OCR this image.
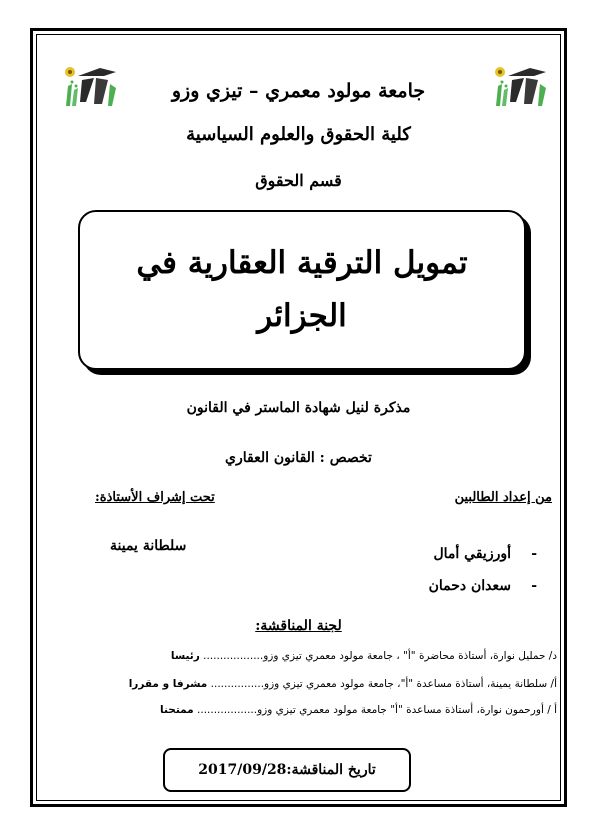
جامعة مولود معمري – تيزي وزو
كلية الحقوق والعلوم السياسية
قسم الحقوق
تمويل الترقية العقارية في
الجزائر
مذكرة لنيل شهادة الماستر في القانون
تخصص : القانون العقاري
من إعداد الطالبين
تحت إشراف الأستاذة:
-أورزيقي أمال
-سعدان دحمان
سلطانة يمينة
لجنة المناقشة:
د/ حمليل نوارة، أستاذة محاضرة "أ" ، جامعة مولود معمري تيزي وزو.................. رئيسا
أ/ سلطانة يمينة، أستاذة مساعدة "أ"، جامعة مولود معمري تيزي وزو................ مشرفا و مقررا
أ / أورحمون نوارة، أستاذة مساعدة "أ" جامعة مولود معمري تيزي وزو.................. ممتحنا
تاريخ المناقشة:2017/09/28
